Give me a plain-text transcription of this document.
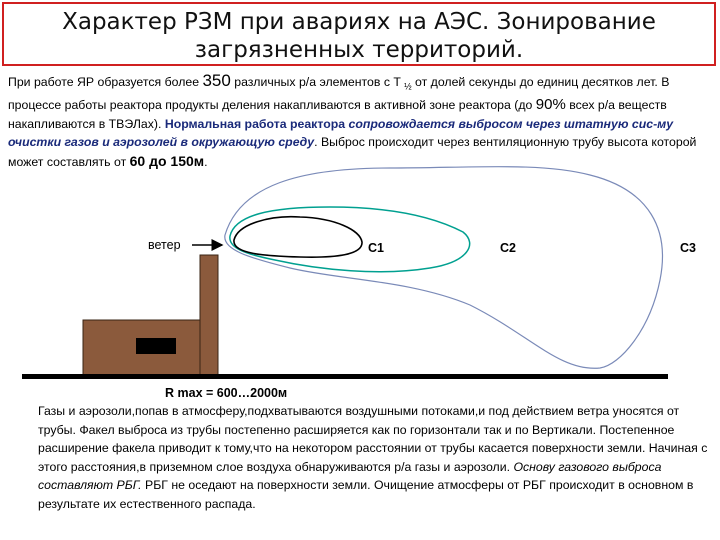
Характер РЗМ при авариях на АЭС. Зонирование
загрязненных территорий.
При работе ЯР образуется более 350 различных р/а элементов с T $_{\frac{1}{2}}$ от долей секунды до единиц десятков лет. В процессе работы реактора продукты деления накапливаются в активной зоне реактора (до 90% всех р/а веществ накапливаются в ТВЭЛах). Нормальная работа реактора сопровождается выбросом через штатную сис-му очистки газов и аэрозолей в окружающую среду. Выброс происходит через вентиляционную трубу высота которой может составлять от 60 до 150м.
ветер	C1	C2	C3
R max = 600…2000м
Газы и аэрозоли,попав в атмосферу,подхватываются воздушными потоками,и под действием ветра уносятся от трубы. Факел выброса из трубы постепенно расширяется как по горизонтали так и по Вертикали. Постепенное расширение факела приводит к тому,что на некотором расстоянии от трубы касается поверхности земли. Начиная с этого расстояния,в приземном слое воздуха обнаруживаются р/а газы и аэрозоли. Основу газового выброса составляют РБГ. РБГ не оседают на поверхности земли. Очищение атмосферы от РБГ происходит в основном в результате их естественного распада.
